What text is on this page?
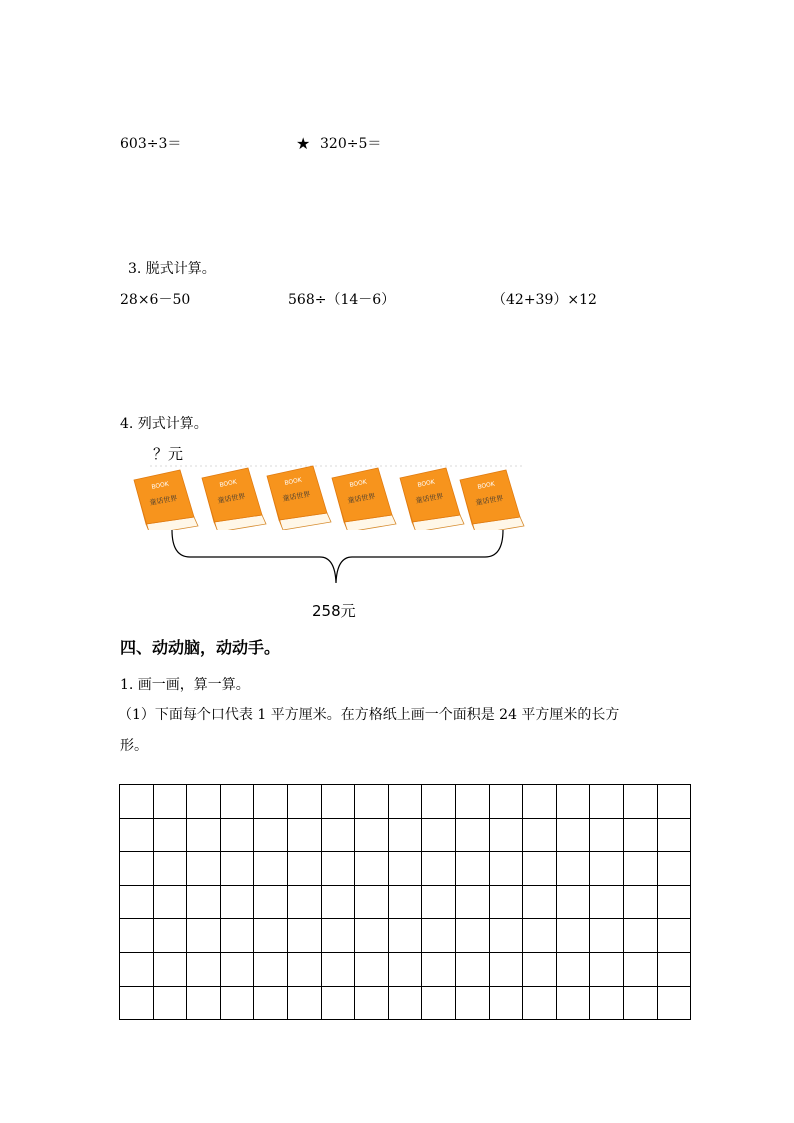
603÷3＝	★ 320÷5＝
3. 脱式计算。
28×6－50	568÷（14－6）	（42+39）×12
4. 列式计算。
？元
BOOK
童话世界
BOOK
童话世界
BOOK
童话世界
BOOK
童话世界
BOOK
童话世界
BOOK
童话世界
258元
四、动动脑，动动手。
1. 画一画，算一算。
（1）下面每个口代表 1 平方厘米。在方格纸上画一个面积是 24 平方厘米的长方
形。
